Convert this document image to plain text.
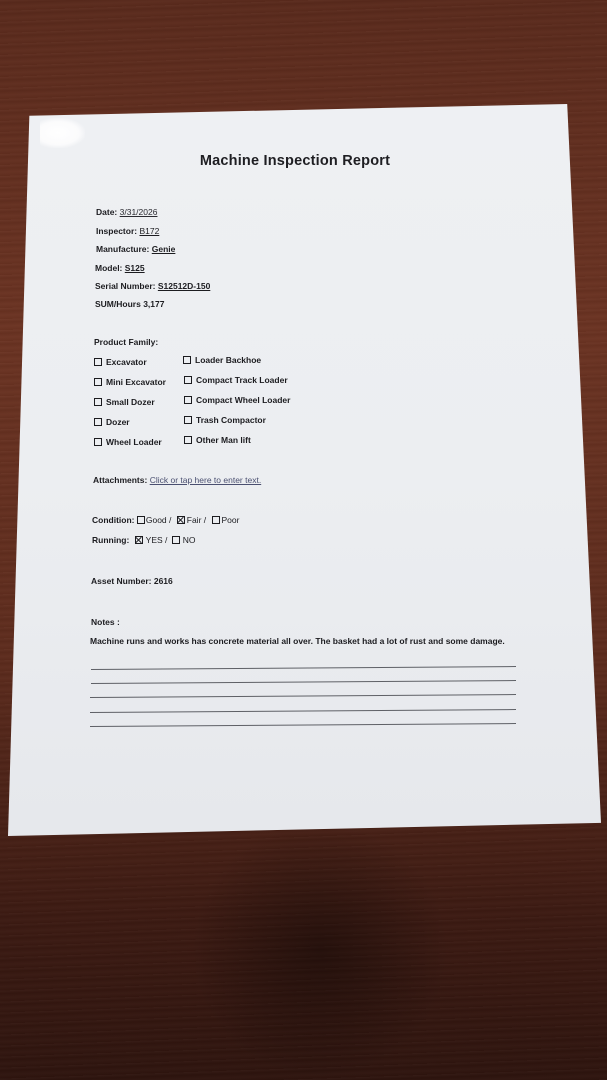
Machine Inspection Report
Date: 3/31/2026
Inspector: B172
Manufacture: Genie
Model: S125
Serial Number: S12512D-150
SUM/Hours 3,177
Product Family:
Excavator
Mini Excavator
Small Dozer
Dozer
Wheel Loader
Loader Backhoe
Compact Track Loader
Compact Wheel Loader
Trash Compactor
Other Man lift
Attachments: Click or tap here to enter text.
Condition: Good / Fair / Poor
Running: YES / NO
Asset Number: 2616
Notes :
Machine runs and works has concrete material all over. The basket had a lot of rust and some damage.
